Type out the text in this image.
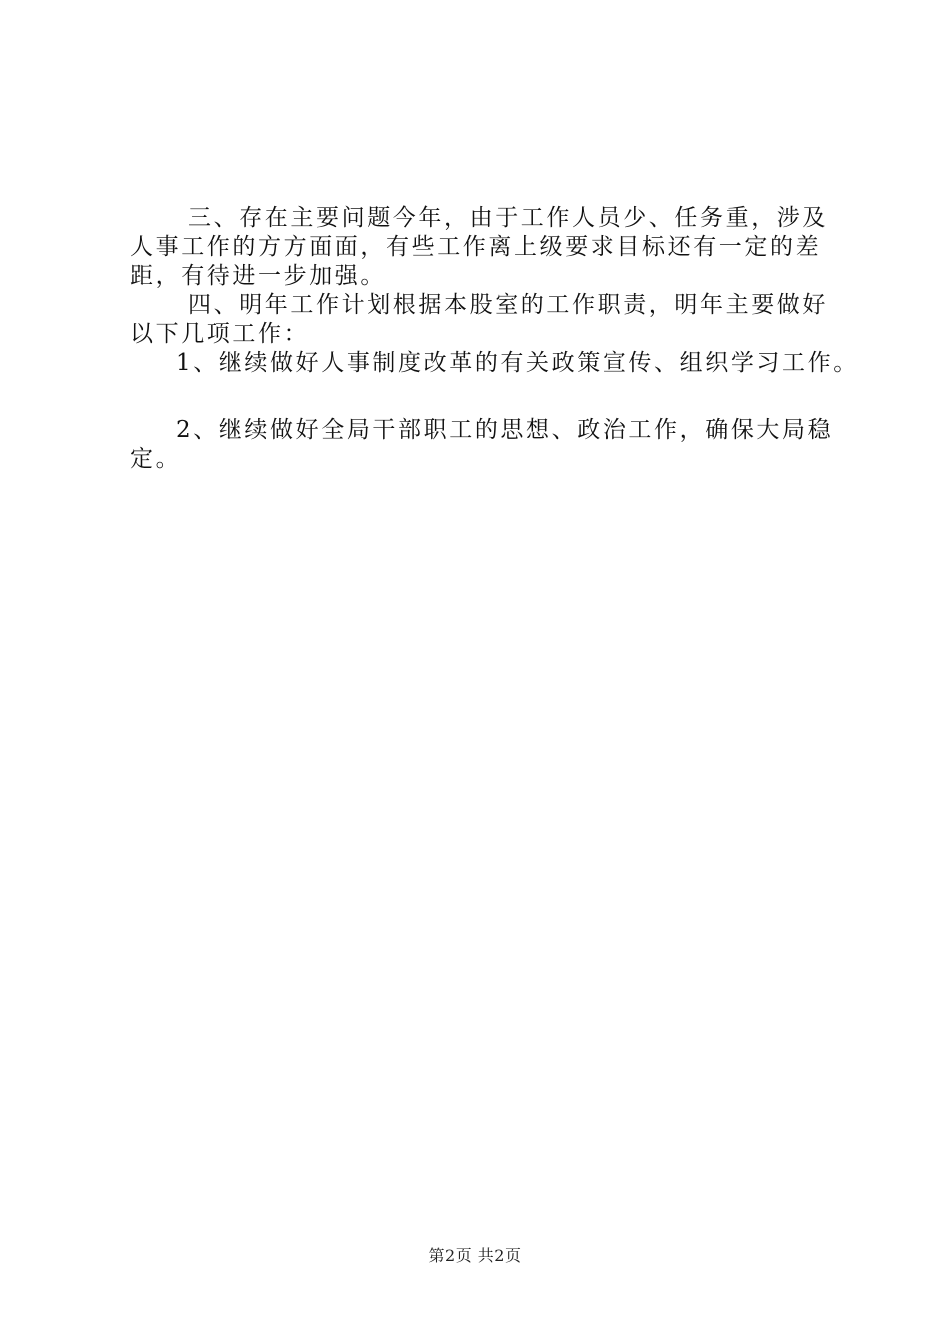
三、存在主要问题今年，由于工作人员少、任务重，涉及
人事工作的方方面面，有些工作离上级要求目标还有一定的差
距，有待进一步加强。
四、明年工作计划根据本股室的工作职责，明年主要做好
以下几项工作：
1、继续做好人事制度改革的有关政策宣传、组织学习工作。
2、继续做好全局干部职工的思想、政治工作，确保大局稳
定。
第2页 共2页
